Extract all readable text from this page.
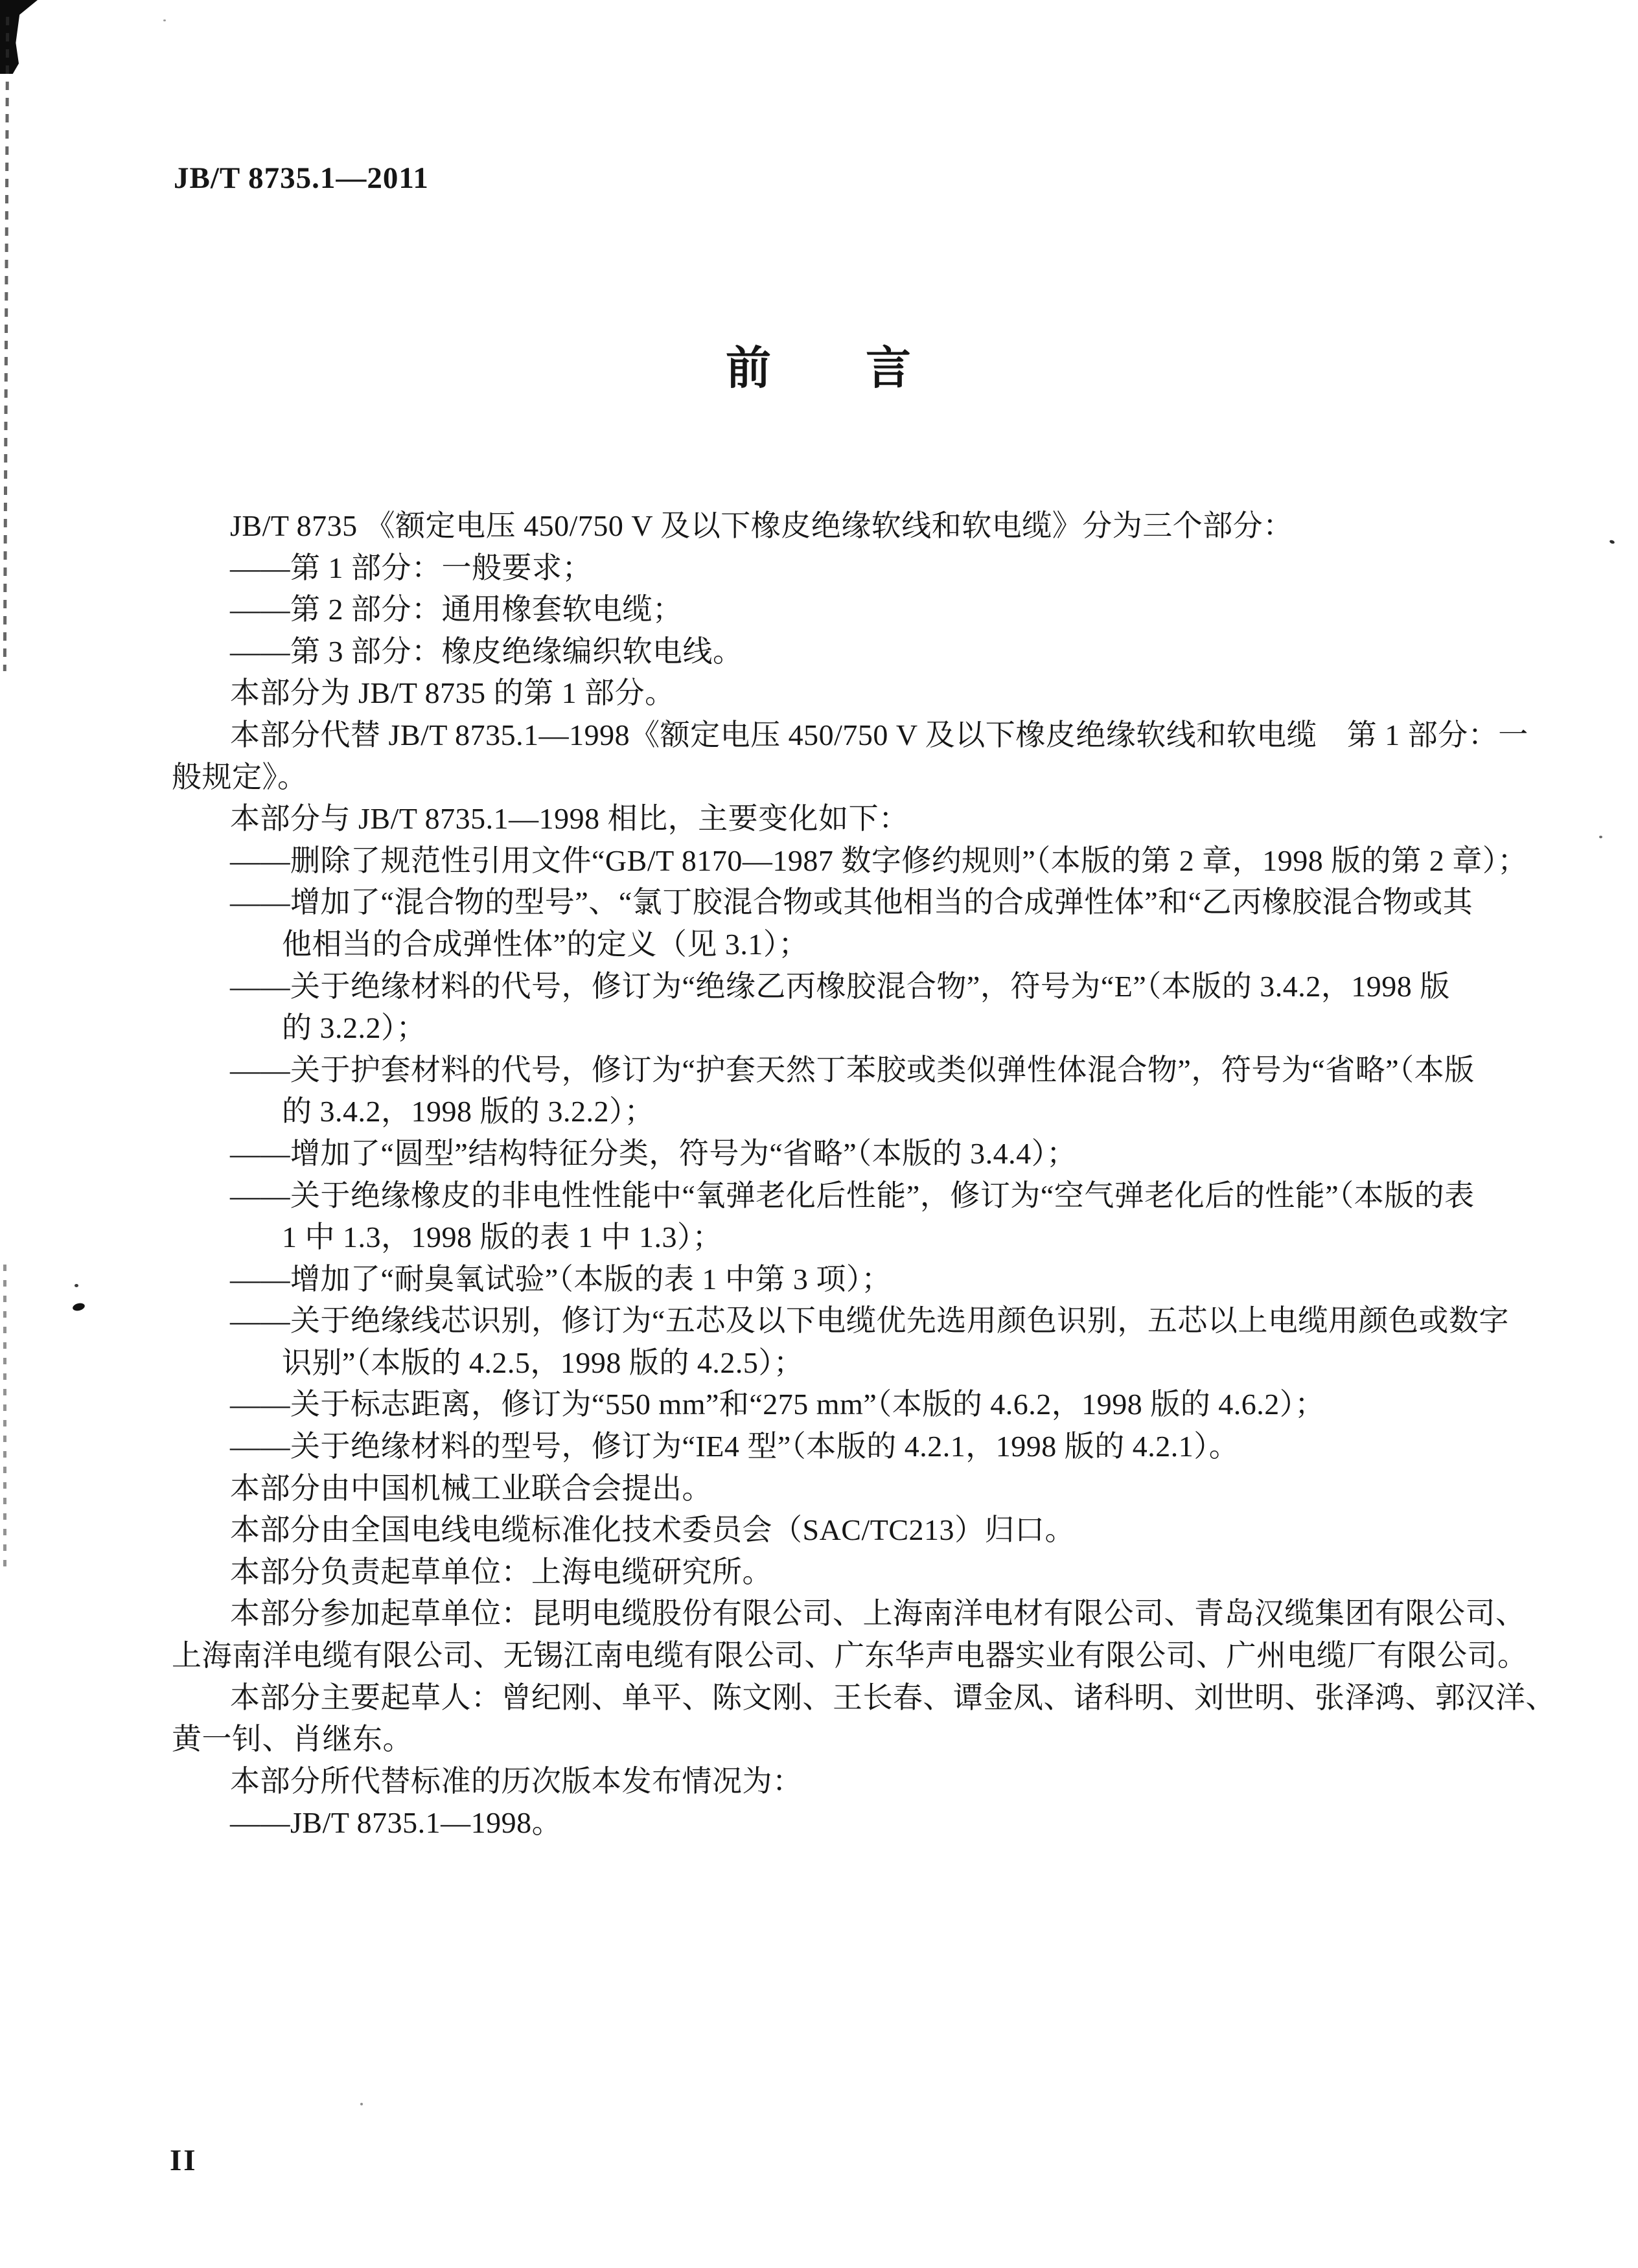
JB/T 8735.1—2011
前　　言
JB/T 8735 《额定电压 450/750 V 及以下橡皮绝缘软线和软电缆》分为三个部分：
——第 1 部分：一般要求；
——第 2 部分：通用橡套软电缆；
——第 3 部分：橡皮绝缘编织软电线。
本部分为 JB/T 8735 的第 1 部分。
本部分代替 JB/T 8735.1—1998《额定电压 450/750 V 及以下橡皮绝缘软线和软电缆　第 1 部分：一
般规定》。
本部分与 JB/T 8735.1—1998 相比，主要变化如下：
——删除了规范性引用文件“GB/T 8170—1987 数字修约规则”（本版的第 2 章，1998 版的第 2 章）；
——增加了“混合物的型号”、“氯丁胶混合物或其他相当的合成弹性体”和“乙丙橡胶混合物或其
他相当的合成弹性体”的定义（见 3.1）；
——关于绝缘材料的代号，修订为“绝缘乙丙橡胶混合物”，符号为“E”（本版的 3.4.2，1998 版
的 3.2.2）；
——关于护套材料的代号，修订为“护套天然丁苯胶或类似弹性体混合物”，符号为“省略”（本版
的 3.4.2，1998 版的 3.2.2）；
——增加了“圆型”结构特征分类，符号为“省略”（本版的 3.4.4）；
——关于绝缘橡皮的非电性性能中“氧弹老化后性能”，修订为“空气弹老化后的性能”（本版的表
1 中 1.3，1998 版的表 1 中 1.3）；
——增加了“耐臭氧试验”（本版的表 1 中第 3 项）；
——关于绝缘线芯识别，修订为“五芯及以下电缆优先选用颜色识别，五芯以上电缆用颜色或数字
识别”（本版的 4.2.5，1998 版的 4.2.5）；
——关于标志距离，修订为“550 mm”和“275 mm”（本版的 4.6.2，1998 版的 4.6.2）；
——关于绝缘材料的型号，修订为“IE4 型”（本版的 4.2.1，1998 版的 4.2.1）。
本部分由中国机械工业联合会提出。
本部分由全国电线电缆标准化技术委员会（SAC/TC213）归口。
本部分负责起草单位：上海电缆研究所。
本部分参加起草单位：昆明电缆股份有限公司、上海南洋电材有限公司、青岛汉缆集团有限公司、
上海南洋电缆有限公司、无锡江南电缆有限公司、广东华声电器实业有限公司、广州电缆厂有限公司。
本部分主要起草人：曾纪刚、单平、陈文刚、王长春、谭金凤、诸科明、刘世明、张泽鸿、郭汉洋、
黄一钊、肖继东。
本部分所代替标准的历次版本发布情况为：
——JB/T 8735.1—1998。
II
